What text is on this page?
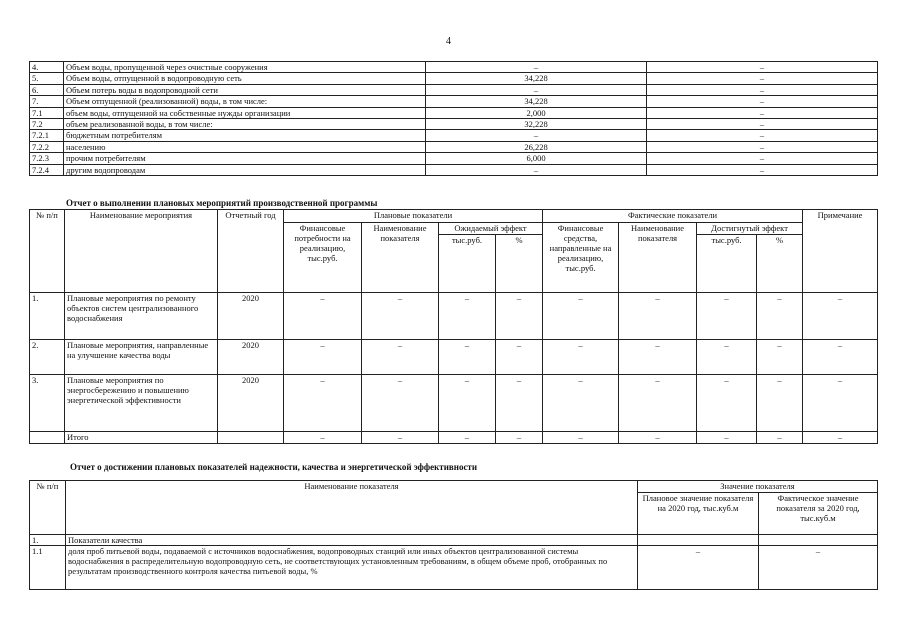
4
4.	Объем воды, пропущенной через очистные сооружения	–	–
5.	Объем воды, отпущенной в водопроводную сеть	34,228	–
6.	Объем потерь воды в водопроводной сети	–	–
7.	Объем отпущенной (реализованной) воды, в том числе:	34,228	–
7.1	объем воды, отпущенной на собственные нужды организации	2,000	–
7.2	объем реализованной воды, в том числе:	32,228	–
7.2.1	бюджетным потребителям	–	–
7.2.2	населению	26,228	–
7.2.3	прочим потребителям	6,000	–
7.2.4	другим водопроводам	–	–
Отчет о выполнении плановых мероприятий производственной программы
№ п/п	Наименование мероприятия	Отчетный год	Плановые показатели				Фактические показатели				Примечание
			Финансовые потребности на реализацию, тыс.руб.	Наименование показателя	Ожидаемый эффект		Финансовые средства, направленные на реализацию, тыс.руб.	Наименование показателя	Достигнутый эффект		
					тыс.руб.	%			тыс.руб.	%	
1.	Плановые мероприятия по ремонту объектов систем централизованного водоснабжения	2020	–	–	–	–	–	–	–	–	–
2.	Плановые мероприятия, направленные на улучшение качества воды	2020	–	–	–	–	–	–	–	–	–
3.	Плановые мероприятия по энергосбережению и повышению энергетической эффективности	2020	–	–	–	–	–	–	–	–	–
	Итого		–	–	–	–	–	–	–	–	–
Отчет о достижении плановых показателей надежности, качества и энергетической эффективности
№ п/п	Наименование показателя	Значение показателя	
		Плановое значение показателя на 2020 год, тыс.куб.м	Фактическое значение показателя за 2020 год, тыс.куб.м
1.	Показатели качества		
1.1	доля проб питьевой воды, подаваемой с источников водоснабжения, водопроводных станций или иных объектов централизованной системы водоснабжения в распределительную водопроводную сеть, не соответствующих установленным требованиям, в общем объеме проб, отобранных по результатам производственного контроля качества питьевой воды, %	–	–
